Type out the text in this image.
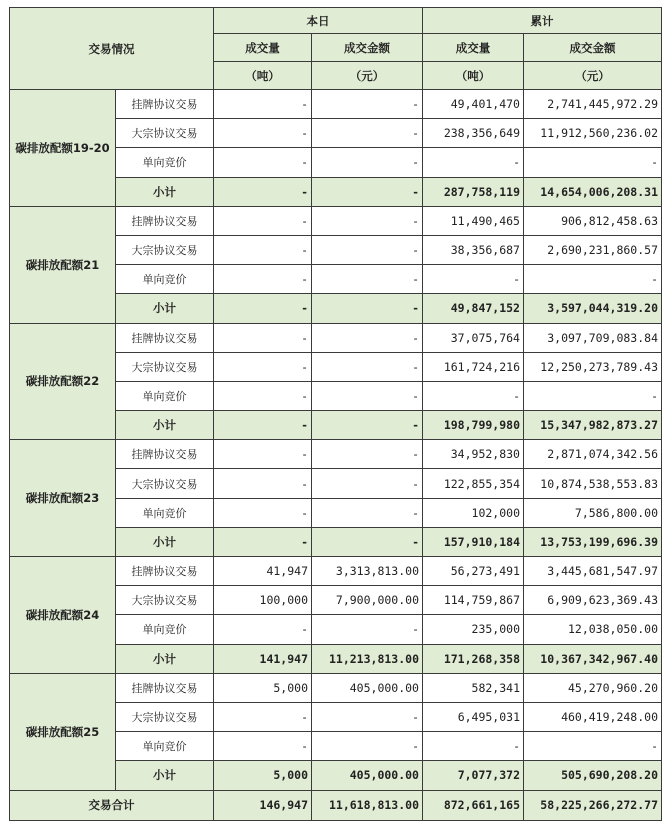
交易情况		本日		累计	
		成交量	成交金额	成交量	成交金额
		（吨）	（元）	（吨）	（元）
碳排放配额19-20	挂牌协议交易	-	-	49,401,470	2,741,445,972.29
	大宗协议交易	-	-	238,356,649	11,912,560,236.02
	单向竞价	-	-	-	-
	小计	-	-	287,758,119	14,654,006,208.31
碳排放配额21	挂牌协议交易	-	-	11,490,465	906,812,458.63
	大宗协议交易	-	-	38,356,687	2,690,231,860.57
	单向竞价	-	-	-	-
	小计	-	-	49,847,152	3,597,044,319.20
碳排放配额22	挂牌协议交易	-	-	37,075,764	3,097,709,083.84
	大宗协议交易	-	-	161,724,216	12,250,273,789.43
	单向竞价	-	-	-	-
	小计	-	-	198,799,980	15,347,982,873.27
碳排放配额23	挂牌协议交易	-	-	34,952,830	2,871,074,342.56
	大宗协议交易	-	-	122,855,354	10,874,538,553.83
	单向竞价	-	-	102,000	7,586,800.00
	小计	-	-	157,910,184	13,753,199,696.39
碳排放配额24	挂牌协议交易	41,947	3,313,813.00	56,273,491	3,445,681,547.97
	大宗协议交易	100,000	7,900,000.00	114,759,867	6,909,623,369.43
	单向竞价	-	-	235,000	12,038,050.00
	小计	141,947	11,213,813.00	171,268,358	10,367,342,967.40
碳排放配额25	挂牌协议交易	5,000	405,000.00	582,341	45,270,960.20
	大宗协议交易	-	-	6,495,031	460,419,248.00
	单向竞价	-	-	-	-
	小计	5,000	405,000.00	7,077,372	505,690,208.20
交易合计		146,947	11,618,813.00	872,661,165	58,225,266,272.77
